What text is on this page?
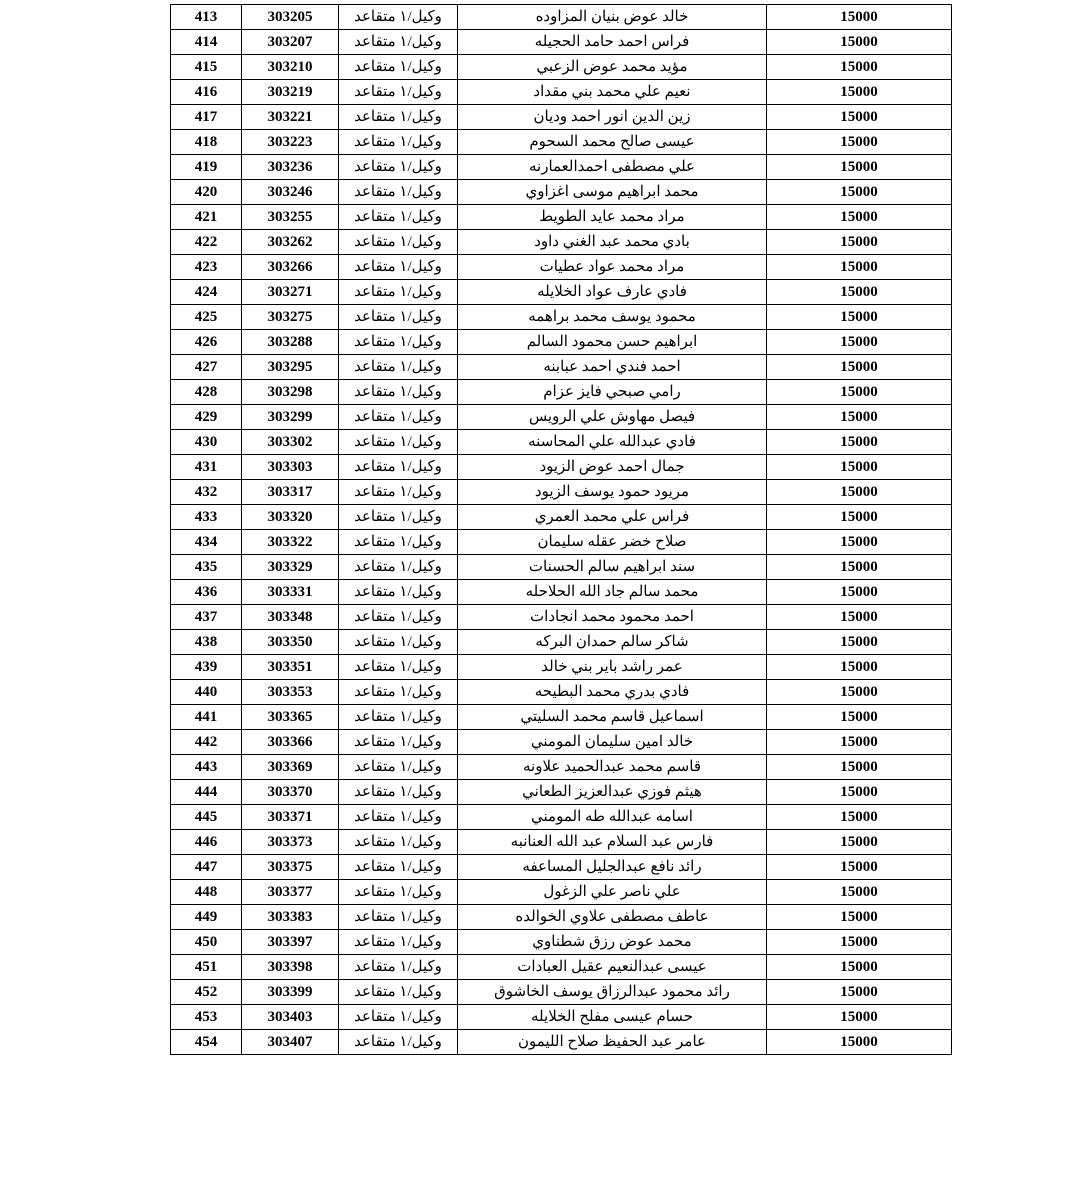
15000	خالد عوض بنيان المزاوده	وكيل/١ متقاعد	303205	413
15000	فراس احمد حامد الحجيله	وكيل/١ متقاعد	303207	414
15000	مؤيد محمد عوض الزعبي	وكيل/١ متقاعد	303210	415
15000	نعيم علي محمد بني مقداد	وكيل/١ متقاعد	303219	416
15000	زين الدين انور احمد وديان	وكيل/١ متقاعد	303221	417
15000	عيسى صالح محمد السحوم	وكيل/١ متقاعد	303223	418
15000	علي مصطفى احمدالعمارنه	وكيل/١ متقاعد	303236	419
15000	محمد ابراهيم موسى اغزاوي	وكيل/١ متقاعد	303246	420
15000	مراد محمد عايد الطويط	وكيل/١ متقاعد	303255	421
15000	بادي محمد عبد الغني داود	وكيل/١ متقاعد	303262	422
15000	مراد محمد عواد عطيات	وكيل/١ متقاعد	303266	423
15000	فادي عارف عواد الخلايله	وكيل/١ متقاعد	303271	424
15000	محمود يوسف محمد براهمه	وكيل/١ متقاعد	303275	425
15000	ابراهيم حسن محمود السالم	وكيل/١ متقاعد	303288	426
15000	احمد فندي احمد عبابنه	وكيل/١ متقاعد	303295	427
15000	رامي صبحي فايز عزام	وكيل/١ متقاعد	303298	428
15000	فيصل مهاوش علي الرويس	وكيل/١ متقاعد	303299	429
15000	فادي عبدالله علي المحاسنه	وكيل/١ متقاعد	303302	430
15000	جمال احمد عوض الزيود	وكيل/١ متقاعد	303303	431
15000	مريود حمود يوسف الزيود	وكيل/١ متقاعد	303317	432
15000	فراس علي محمد العمري	وكيل/١ متقاعد	303320	433
15000	صلاح خضر عقله سليمان	وكيل/١ متقاعد	303322	434
15000	سند ابراهيم سالم الحسنات	وكيل/١ متقاعد	303329	435
15000	محمد سالم جاد الله الحلاحله	وكيل/١ متقاعد	303331	436
15000	احمد محمود محمد انجادات	وكيل/١ متقاعد	303348	437
15000	شاكر سالم حمدان البركه	وكيل/١ متقاعد	303350	438
15000	عمر راشد باير بني خالد	وكيل/١ متقاعد	303351	439
15000	فادي بدري محمد البطيحه	وكيل/١ متقاعد	303353	440
15000	اسماعيل قاسم محمد السليتي	وكيل/١ متقاعد	303365	441
15000	خالد امين سليمان المومني	وكيل/١ متقاعد	303366	442
15000	قاسم محمد عبدالحميد علاونه	وكيل/١ متقاعد	303369	443
15000	هيثم فوزي عبدالعزيز الطعاني	وكيل/١ متقاعد	303370	444
15000	اسامه عبدالله طه المومني	وكيل/١ متقاعد	303371	445
15000	فارس عبد السلام عبد الله العنانبه	وكيل/١ متقاعد	303373	446
15000	رائد نافع عبدالجليل المساعفه	وكيل/١ متقاعد	303375	447
15000	علي ناصر علي الزغول	وكيل/١ متقاعد	303377	448
15000	عاطف مصطفى علاوي الخوالده	وكيل/١ متقاعد	303383	449
15000	محمد عوض رزق شطناوي	وكيل/١ متقاعد	303397	450
15000	عيسى عبدالنعيم عقيل العبادات	وكيل/١ متقاعد	303398	451
15000	رائد محمود عبدالرزاق يوسف الخاشوق	وكيل/١ متقاعد	303399	452
15000	حسام عيسى مفلح الخلايله	وكيل/١ متقاعد	303403	453
15000	عامر عبد الحفيظ صلاح الليمون	وكيل/١ متقاعد	303407	454
